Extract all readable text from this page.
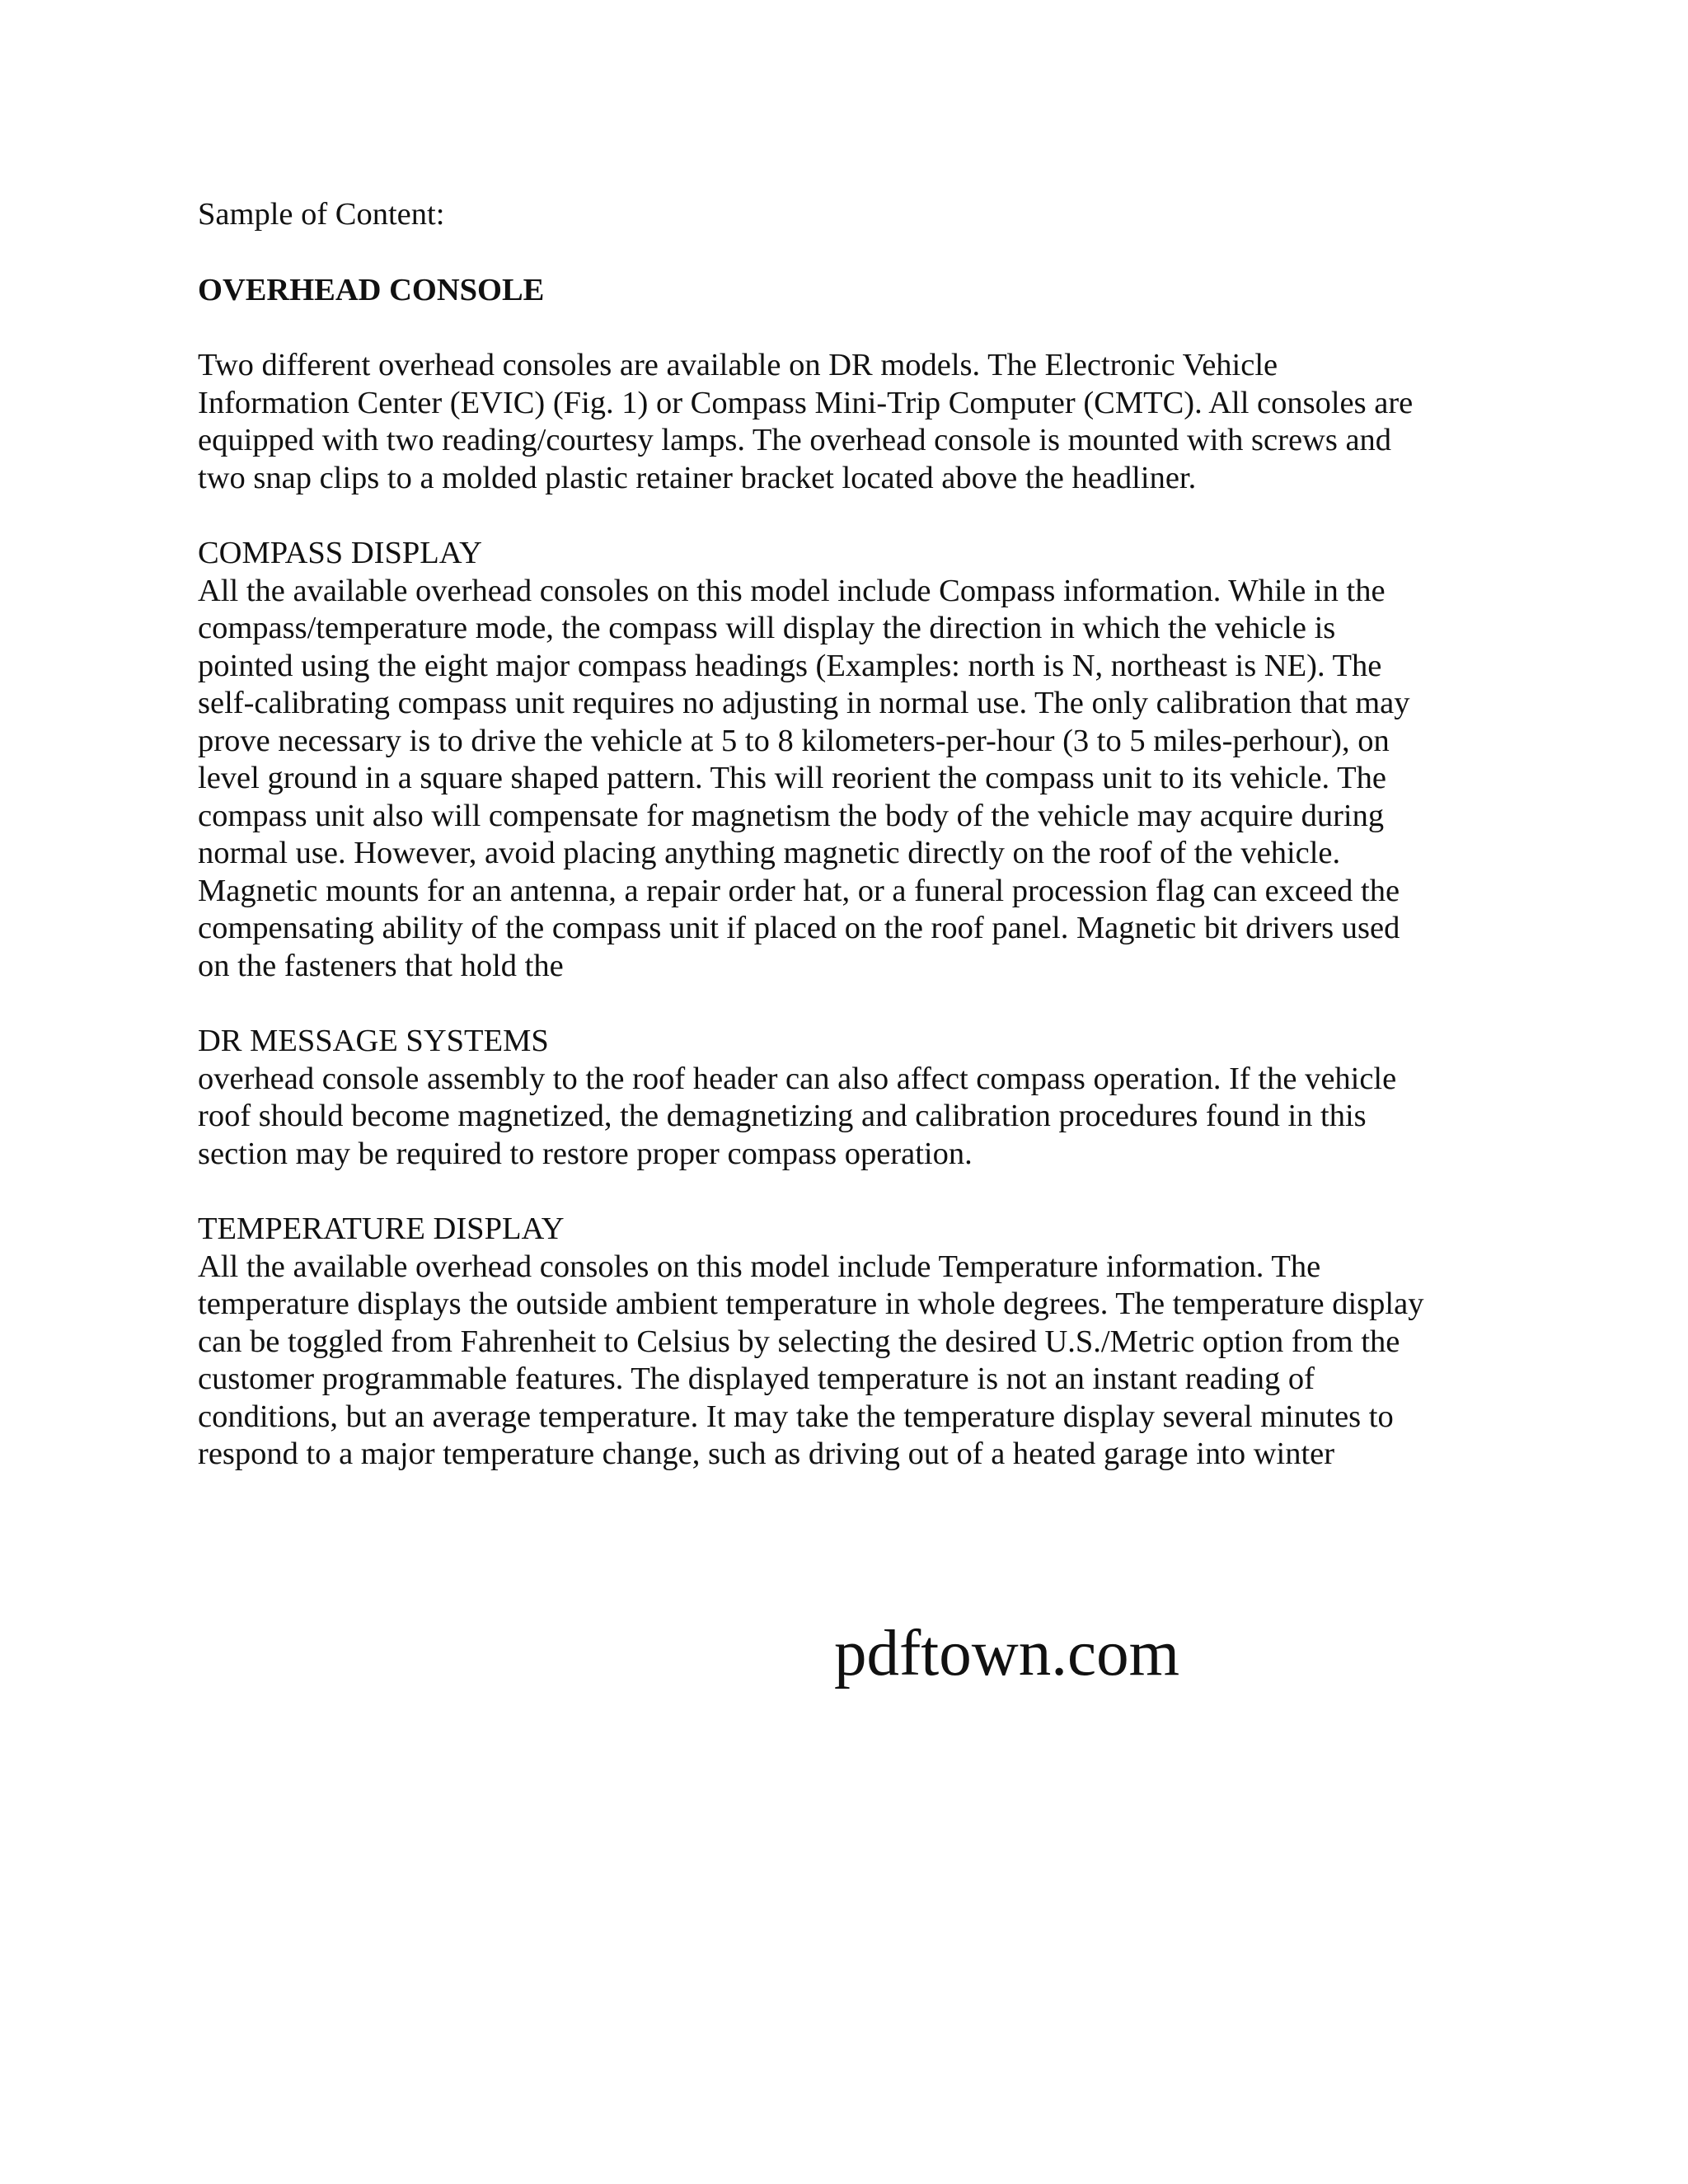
Sample of Content:
OVERHEAD CONSOLE
Two different overhead consoles are available on DR models. The Electronic Vehicle
Information Center (EVIC) (Fig. 1) or Compass Mini-Trip Computer (CMTC). All consoles are
equipped with two reading/courtesy lamps. The overhead console is mounted with screws and
two snap clips to a molded plastic retainer bracket located above the headliner.
COMPASS DISPLAY
All the available overhead consoles on this model include Compass information. While in the
compass/temperature mode, the compass will display the direction in which the vehicle is
pointed using the eight major compass headings (Examples: north is N, northeast is NE). The
self-calibrating compass unit requires no adjusting in normal use. The only calibration that may
prove necessary is to drive the vehicle at 5 to 8 kilometers-per-hour (3 to 5 miles-perhour), on
level ground in a square shaped pattern. This will reorient the compass unit to its vehicle. The
compass unit also will compensate for magnetism the body of the vehicle may acquire during
normal use. However, avoid placing anything magnetic directly on the roof of the vehicle.
Magnetic mounts for an antenna, a repair order hat, or a funeral procession flag can exceed the
compensating ability of the compass unit if placed on the roof panel. Magnetic bit drivers used
on the fasteners that hold the
DR MESSAGE SYSTEMS
overhead console assembly to the roof header can also affect compass operation. If the vehicle
roof should become magnetized, the demagnetizing and calibration procedures found in this
section may be required to restore proper compass operation.
TEMPERATURE DISPLAY
All the available overhead consoles on this model include Temperature information. The
temperature displays the outside ambient temperature in whole degrees. The temperature display
can be toggled from Fahrenheit to Celsius by selecting the desired U.S./Metric option from the
customer programmable features. The displayed temperature is not an instant reading of
conditions, but an average temperature. It may take the temperature display several minutes to
respond to a major temperature change, such as driving out of a heated garage into winter
pdftown.com
